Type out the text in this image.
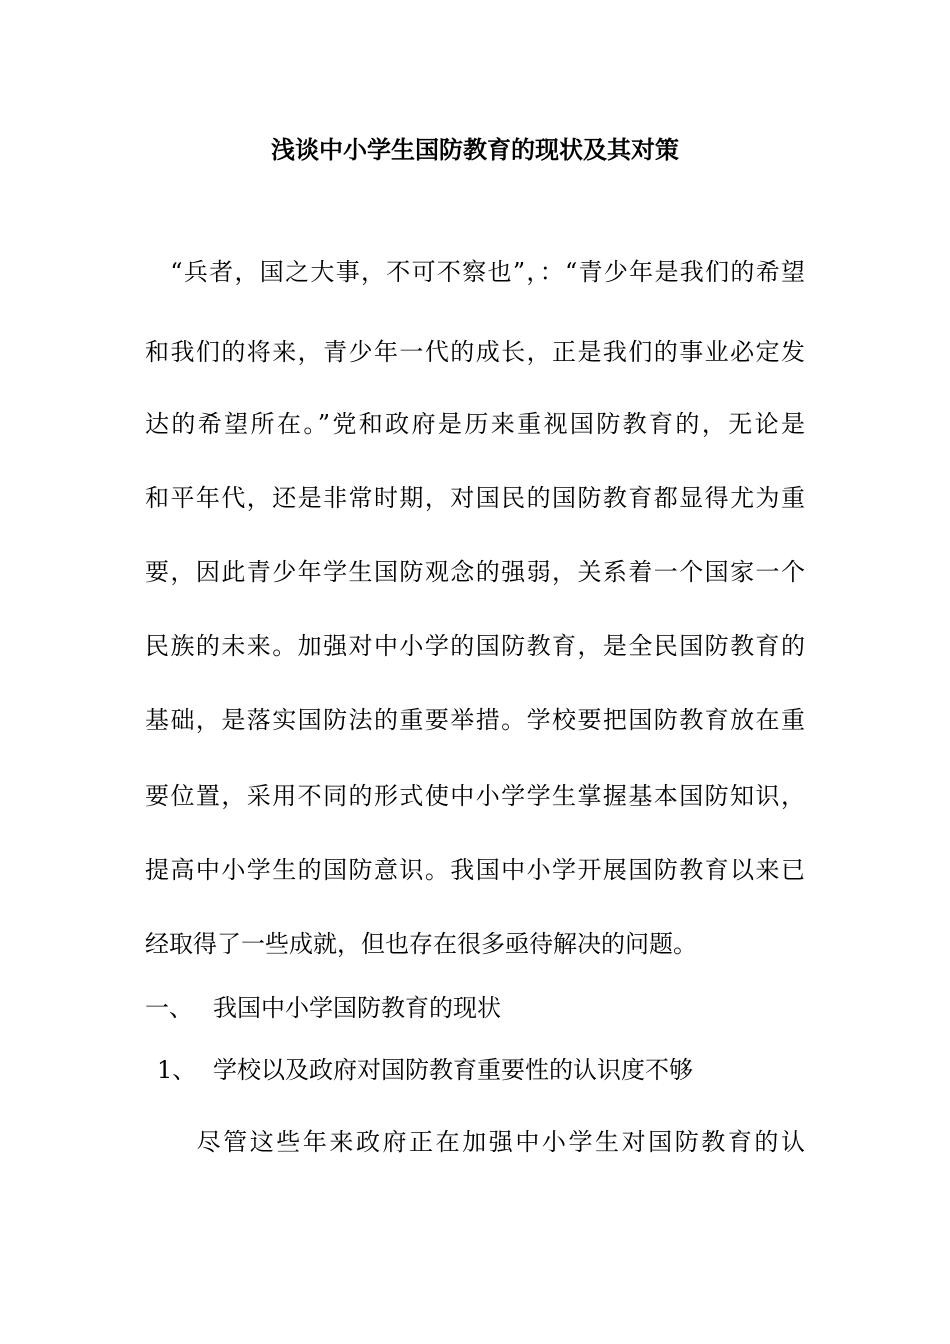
浅谈中小学生国防教育的现状及其对策
　“兵者，国之大事，不可不察也”，：“青少年是我们的希望
和我们的将来，青少年一代的成长，正是我们的事业必定发
达的希望所在。”党和政府是历来重视国防教育的，无论是
和平年代，还是非常时期，对国民的国防教育都显得尤为重
要，因此青少年学生国防观念的强弱，关系着一个国家一个
民族的未来。加强对中小学的国防教育，是全民国防教育的
基础，是落实国防法的重要举措。学校要把国防教育放在重
要位置，采用不同的形式使中小学学生掌握基本国防知识，
提高中小学生的国防意识。我国中小学开展国防教育以来已
经取得了一些成就，但也存在很多亟待解决的问题。
一、 我国中小学国防教育的现状
1、 学校以及政府对国防教育重要性的认识度不够
　尽管这些年来政府正在加强中小学生对国防教育的认
